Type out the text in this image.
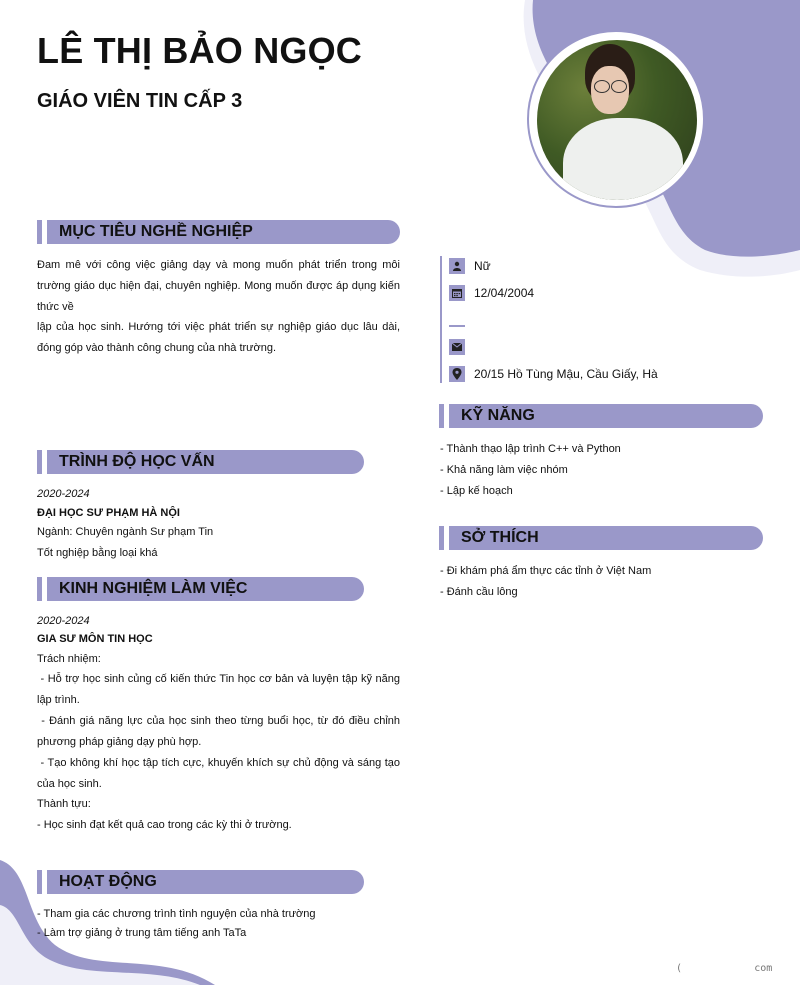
LÊ THỊ BẢO NGỌC
GIÁO VIÊN TIN CẤP 3
MỤC TIÊU NGHỀ NGHIỆP
Đam mê với công việc giảng dạy và mong muốn phát triển trong môi trường giáo dục hiện đại, chuyên nghiệp. Mong muốn được áp dụng kiến thức về
lập của học sinh. Hướng tới việc phát triển sự nghiệp giáo dục lâu dài, đóng góp vào thành công chung của nhà trường.
Nữ
12/04/2004
20/15 Hồ Tùng Mậu, Cầu Giấy, Hà
KỸ NĂNG
- Thành thạo lập trình C++ và Python
- Khả năng làm việc nhóm
- Lập kế hoạch
SỞ THÍCH
- Đi khám phá ẩm thực các tỉnh ở Việt Nam
- Đánh cầu lông
TRÌNH ĐỘ HỌC VẤN
2020-2024
ĐẠI HỌC SƯ PHẠM HÀ NỘI
Ngành: Chuyên ngành Sư phạm Tin
Tốt nghiệp bằng loại khá
KINH NGHIỆM LÀM VIỆC
2020-2024
GIA SƯ MÔN TIN HỌC
Trách nhiệm:
- Hỗ trợ học sinh củng cố kiến thức Tin học cơ bản và luyện tập kỹ năng lập trình.
- Đánh giá năng lực của học sinh theo từng buổi học, từ đó điều chỉnh phương pháp giảng dạy phù hợp.
- Tạo không khí học tập tích cực, khuyến khích sự chủ động và sáng tạo của học sinh.
Thành tựu:
- Học sinh đạt kết quả cao trong các kỳ thi ở trường.
HOẠT ĐỘNG
- Tham gia các chương trình tình nguyện của nhà trường
- Làm trợ giảng ở trung tâm tiếng anh TaTa
(            com
